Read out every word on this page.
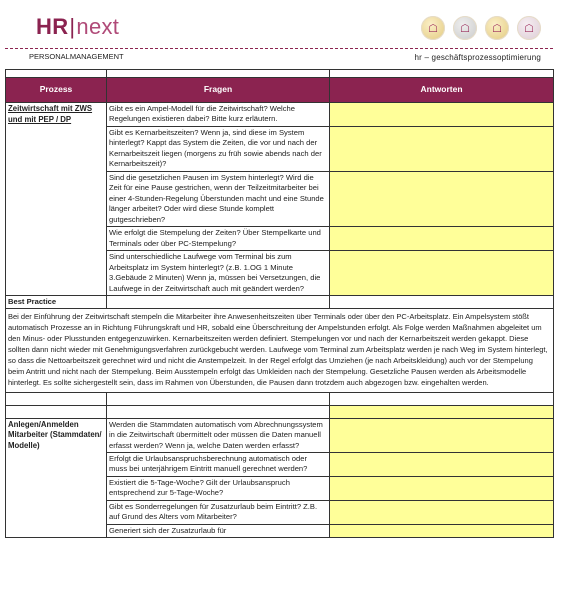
HR|next	☖	☖	☖	☖
PERSONALMANAGEMENT	hr – geschäftsprozessoptimierung

Prozess	Fragen	Antworten
Zeitwirtschaft mit ZWS und mit PEP / DP	Gibt es ein Ampel-Modell für die Zeitwirtschaft? Welche Regelungen existieren dabei? Bitte kurz erläutern.	
	Gibt es Kernarbeitszeiten? Wenn ja, sind diese im System hinterlegt? Kappt das System die Zeiten, die vor und nach der Kernarbeitszeit liegen (morgens zu früh sowie abends nach der Kernarbeitszeit)?	
	Sind die gesetzlichen Pausen im System hinterlegt? Wird die Zeit für eine Pause gestrichen, wenn der Teilzeitmitarbeiter bei einer 4-Stunden-Regelung Überstunden macht und eine Stunde länger arbeitet? Oder wird diese Stunde komplett gutgeschrieben?	
	Wie erfolgt die Stempelung der Zeiten? Über Stempelkarte und Terminals oder über PC-Stempelung?	
	Sind unterschiedliche Laufwege vom Terminal bis zum Arbeitsplatz im System hinterlegt? (z.B. 1.OG 1 Minute 3.Gebäude 2 Minuten) Wenn ja, müssen bei Versetzungen, die Laufwege in der Zeitwirtschaft auch mit geändert werden?	
Best Practice		
Bei der Einführung der Zeitwirtschaft stempeln die Mitarbeiter ihre Anwesenheitszeiten über Terminals oder über den PC-Arbeitsplatz. Ein Ampelsystem stößt automatisch Prozesse an in Richtung Führungskraft und HR, sobald eine Überschreitung der Ampelstunden erfolgt. Als Folge werden Maßnahmen abgeleitet um den Minus- oder Plusstunden entgegenzuwirken. Kernarbeitszeiten werden definiert. Stempelungen vor und nach der Kernarbeitszeit werden gekappt. Diese sollten dann nicht wieder mit Genehmigungsverfahren zurückgebucht werden. Laufwege vom Terminal zum Arbeitsplatz werden je nach Weg im System hinterlegt, so dass die Nettoarbeitszeit gerechnet wird und nicht die Anstempelzeit. In der Regel erfolgt das Umziehen (je nach Arbeitskleidung) auch vor der Stempelung beim Antritt und nicht nach der Stempelung. Beim Ausstempeln erfolgt das Umkleiden nach der Stempelung. Gesetzliche Pausen werden als Arbeitsmodelle hinterlegt. Es sollte sichergestellt sein, dass im Rahmen von Überstunden, die Pausen dann trotzdem auch abgezogen bzw. eingehalten werden.		

Anlegen/Anmelden Mitarbeiter (Stammdaten/ Modelle)	Werden die Stammdaten automatisch vom Abrechnungssystem in die Zeitwirtschaft übermittelt oder müssen die Daten manuell erfasst werden? Wenn ja, welche Daten werden erfasst?	
	Erfolgt die Urlaubsanspruchsberechnung automatisch oder muss bei unterjährigem Eintritt manuell gerechnet werden?	
	Existiert die 5-Tage-Woche? Gilt der Urlaubsanspruch entsprechend zur 5-Tage-Woche?	
	Gibt es Sonderregelungen für Zusatzurlaub beim Eintritt? Z.B. auf Grund des Alters vom Mitarbeiter?	
	Generiert sich der Zusatzurlaub für	
